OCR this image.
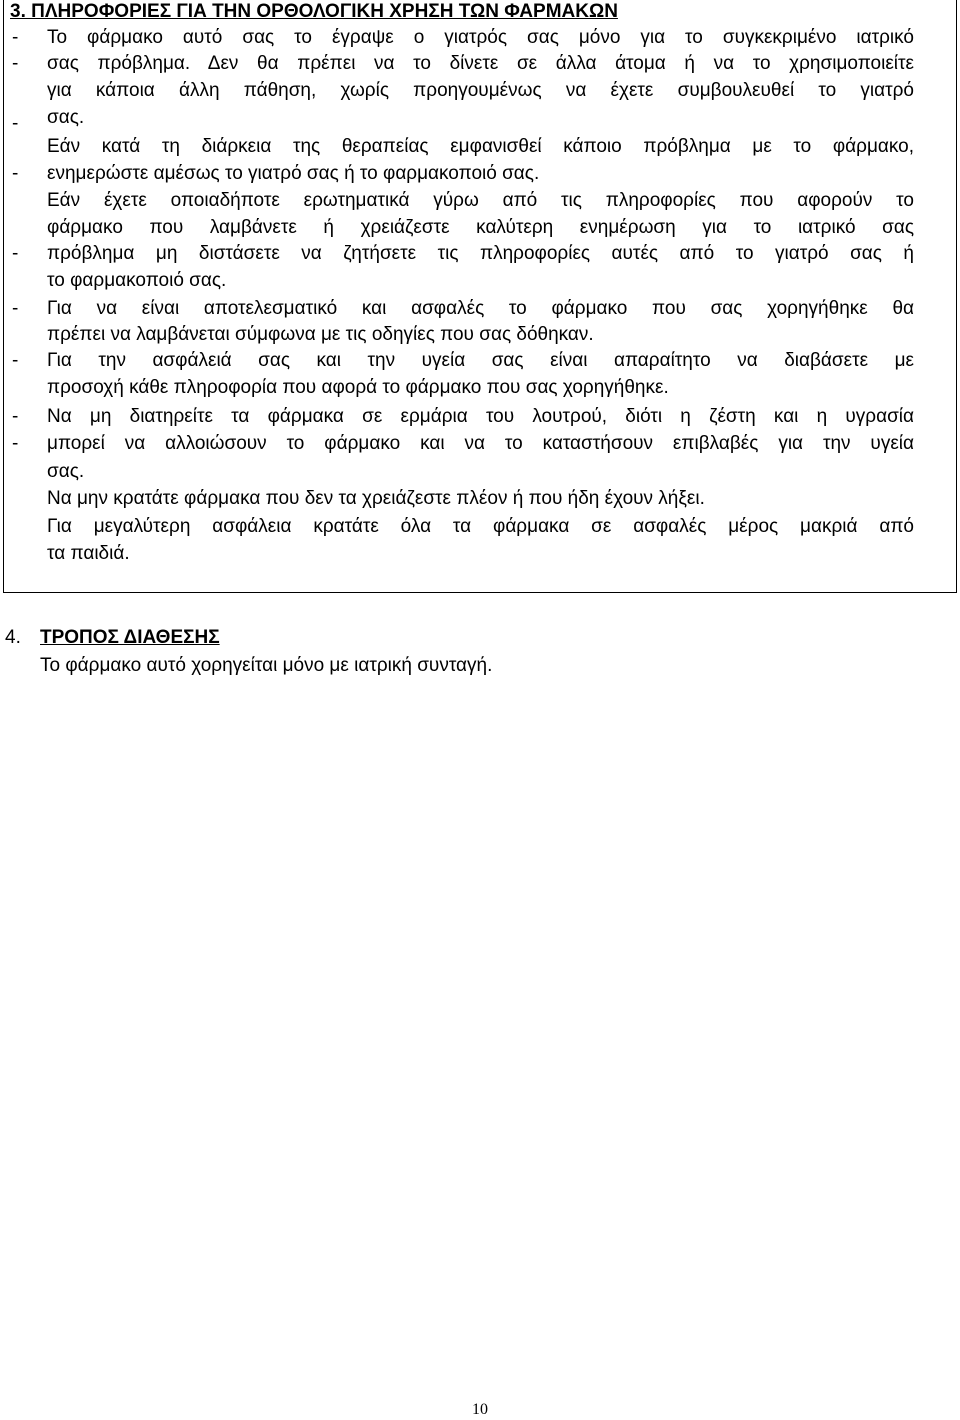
3. ΠΛΗΡΟΦΟΡΙΕΣ ΓΙΑ ΤΗΝ ΟΡΘΟΛΟΓΙΚΗ ΧΡΗΣΗ ΤΩΝ ΦΑΡΜΑΚΩΝ
-
-
-
-
-
-
-
-
-
Το φάρμακο αυτό σας το έγραψε ο γιατρός σας μόνο για το συγκεκριμένο ιατρικό
σας πρόβλημα. Δεν θα πρέπει να το δίνετε σε άλλα άτομα ή να το χρησιμοποιείτε
για κάποια άλλη πάθηση, χωρίς προηγουμένως να έχετε συμβουλευθεί το γιατρό
σας.
Εάν κατά τη διάρκεια της θεραπείας εμφανισθεί κάποιο πρόβλημα με το φάρμακο,
ενημερώστε αμέσως το γιατρό σας ή το φαρμακοποιό σας.
Εάν έχετε οποιαδήποτε ερωτηματικά γύρω από τις πληροφορίες που αφορούν το
φάρμακο που λαμβάνετε ή χρειάζεστε καλύτερη ενημέρωση για το ιατρικό σας
πρόβλημα μη διστάσετε να ζητήσετε τις πληροφορίες αυτές από το γιατρό σας ή
το φαρμακοποιό σας.
Για να είναι αποτελεσματικό και ασφαλές το φάρμακο που σας χορηγήθηκε θα
πρέπει να λαμβάνεται σύμφωνα με τις οδηγίες που σας δόθηκαν.
Για την ασφάλειά σας και την υγεία σας είναι απαραίτητο να διαβάσετε με
προσοχή κάθε πληροφορία που αφορά το φάρμακο που σας χορηγήθηκε.
Να μη διατηρείτε τα φάρμακα σε ερμάρια του λουτρού, διότι η ζέστη και η υγρασία
μπορεί να αλλοιώσουν το φάρμακο και να το καταστήσουν επιβλαβές για την υγεία
σας.
Να μην κρατάτε φάρμακα που δεν τα χρειάζεστε πλέον ή που ήδη έχουν λήξει.
Για μεγαλύτερη ασφάλεια κρατάτε όλα τα φάρμακα σε ασφαλές μέρος μακριά από
τα παιδιά.
4. ΤΡΟΠΟΣ ΔΙΑΘΕΣΗΣ
Το φάρμακο αυτό χορηγείται μόνο με ιατρική συνταγή.
10
